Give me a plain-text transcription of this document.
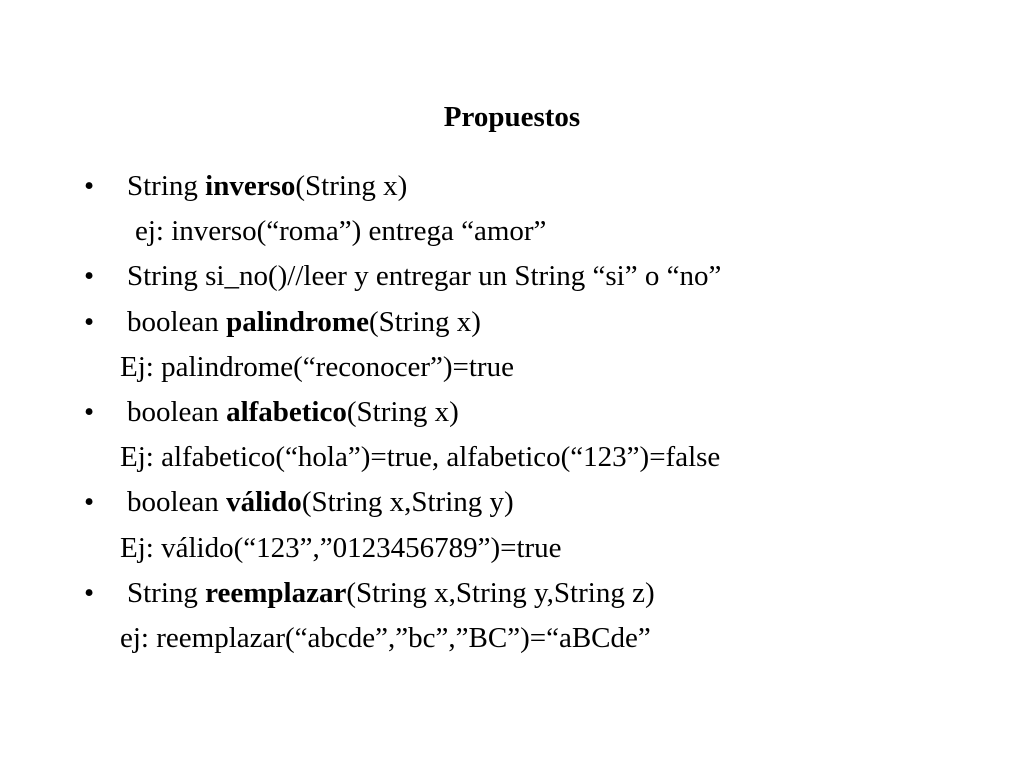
Propuestos
• String inverso(String x)
ej: inverso(“roma”) entrega “amor”
• String si_no()//leer y entregar un String “si” o “no”
• boolean palindrome(String x)
Ej: palindrome(“reconocer”)=true
• boolean alfabetico(String x)
Ej: alfabetico(“hola”)=true, alfabetico(“123”)=false
• boolean válido(String x,String y)
Ej: válido(“123”,”0123456789”)=true
• String reemplazar(String x,String y,String z)
ej: reemplazar(“abcde”,”bc”,”BC”)=“aBCde”
